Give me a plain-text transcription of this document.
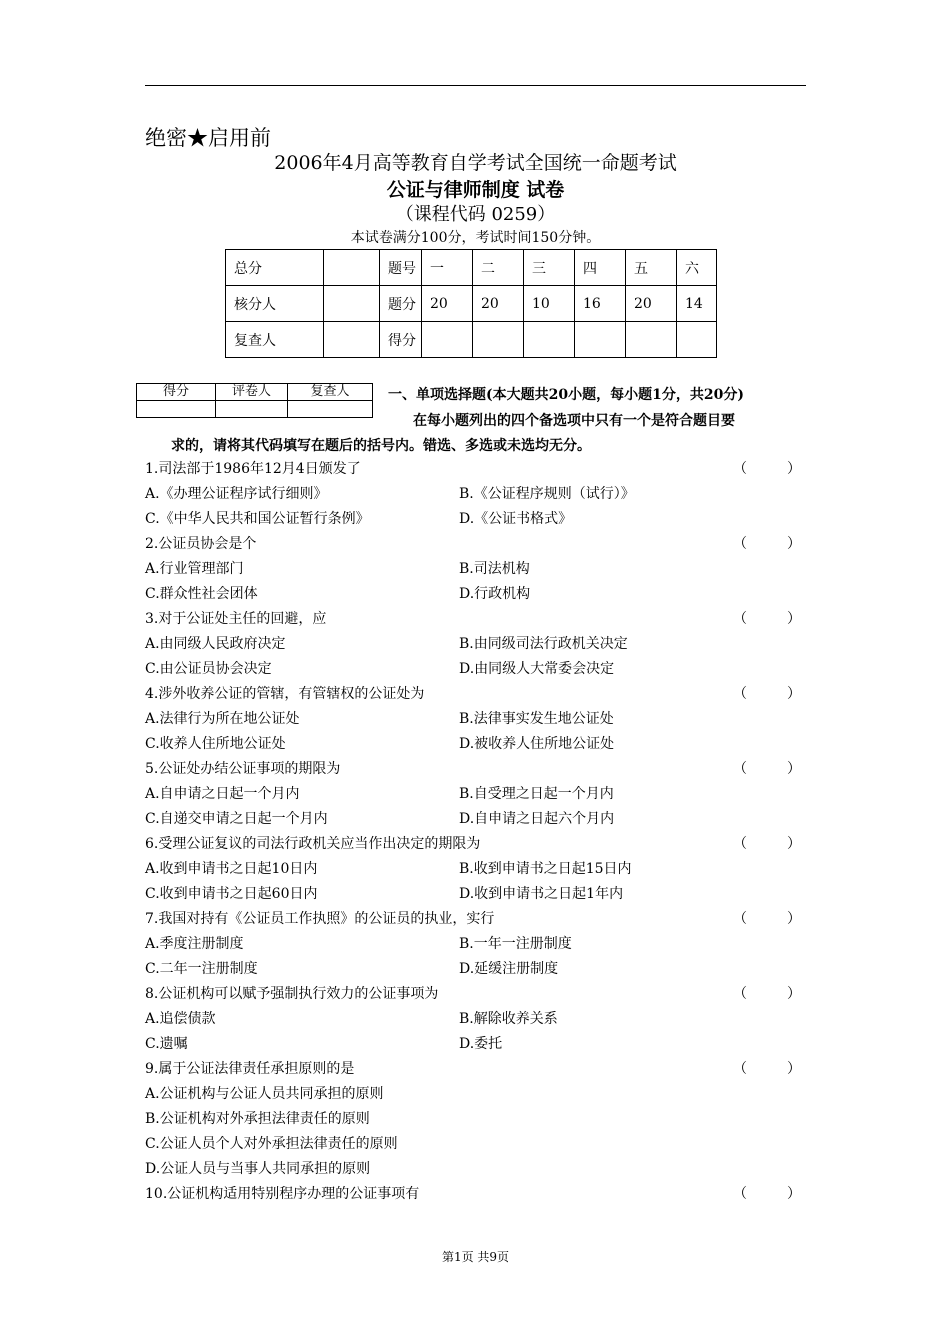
绝密★启用前
2006年4月高等教育自学考试全国统一命题考试
公证与律师制度 试卷
（课程代码 0259）
本试卷满分100分，考试时间150分钟。
总分		题号	一	二	三	四	五	六
核分人		题分	20	20	10	16	20	14
复查人		得分						
得分	评卷人	复查人
			一、单项选择题(本大题共20小题，每小题1分，共20分)
在每小题列出的四个备选项中只有一个是符合题目要
求的，请将其代码填写在题后的括号内。错选、多选或未选均无分。
1.司法部于1986年12月4日颁发了	（	）
A.《办理公证程序试行细则》	B.《公证程序规则（试行）》
C.《中华人民共和国公证暂行条例》	D.《公证书格式》
2.公证员协会是个	（	）
A.行业管理部门	B.司法机构
C.群众性社会团体	D.行政机构
3.对于公证处主任的回避，应	（	）
A.由同级人民政府决定	B.由同级司法行政机关决定
C.由公证员协会决定	D.由同级人大常委会决定
4.涉外收养公证的管辖，有管辖权的公证处为	（	）
A.法律行为所在地公证处	B.法律事实发生地公证处
C.收养人住所地公证处	D.被收养人住所地公证处
5.公证处办结公证事项的期限为	（	）
A.自申请之日起一个月内	B.自受理之日起一个月内
C.自递交申请之日起一个月内	D.自申请之日起六个月内
6.受理公证复议的司法行政机关应当作出决定的期限为	（	）
A.收到申请书之日起10日内	B.收到申请书之日起15日内
C.收到申请书之日起60日内	D.收到申请书之日起1年内
7.我国对持有《公证员工作执照》的公证员的执业，实行	（	）
A.季度注册制度	B.一年一注册制度
C.二年一注册制度	D.延缓注册制度
8.公证机构可以赋予强制执行效力的公证事项为	（	）
A.追偿债款	B.解除收养关系
C.遗嘱	D.委托
9.属于公证法律责任承担原则的是	（	）
A.公证机构与公证人员共同承担的原则
B.公证机构对外承担法律责任的原则
C.公证人员个人对外承担法律责任的原则
D.公证人员与当事人共同承担的原则
10.公证机构适用特别程序办理的公证事项有	（	）
第1页 共9页
